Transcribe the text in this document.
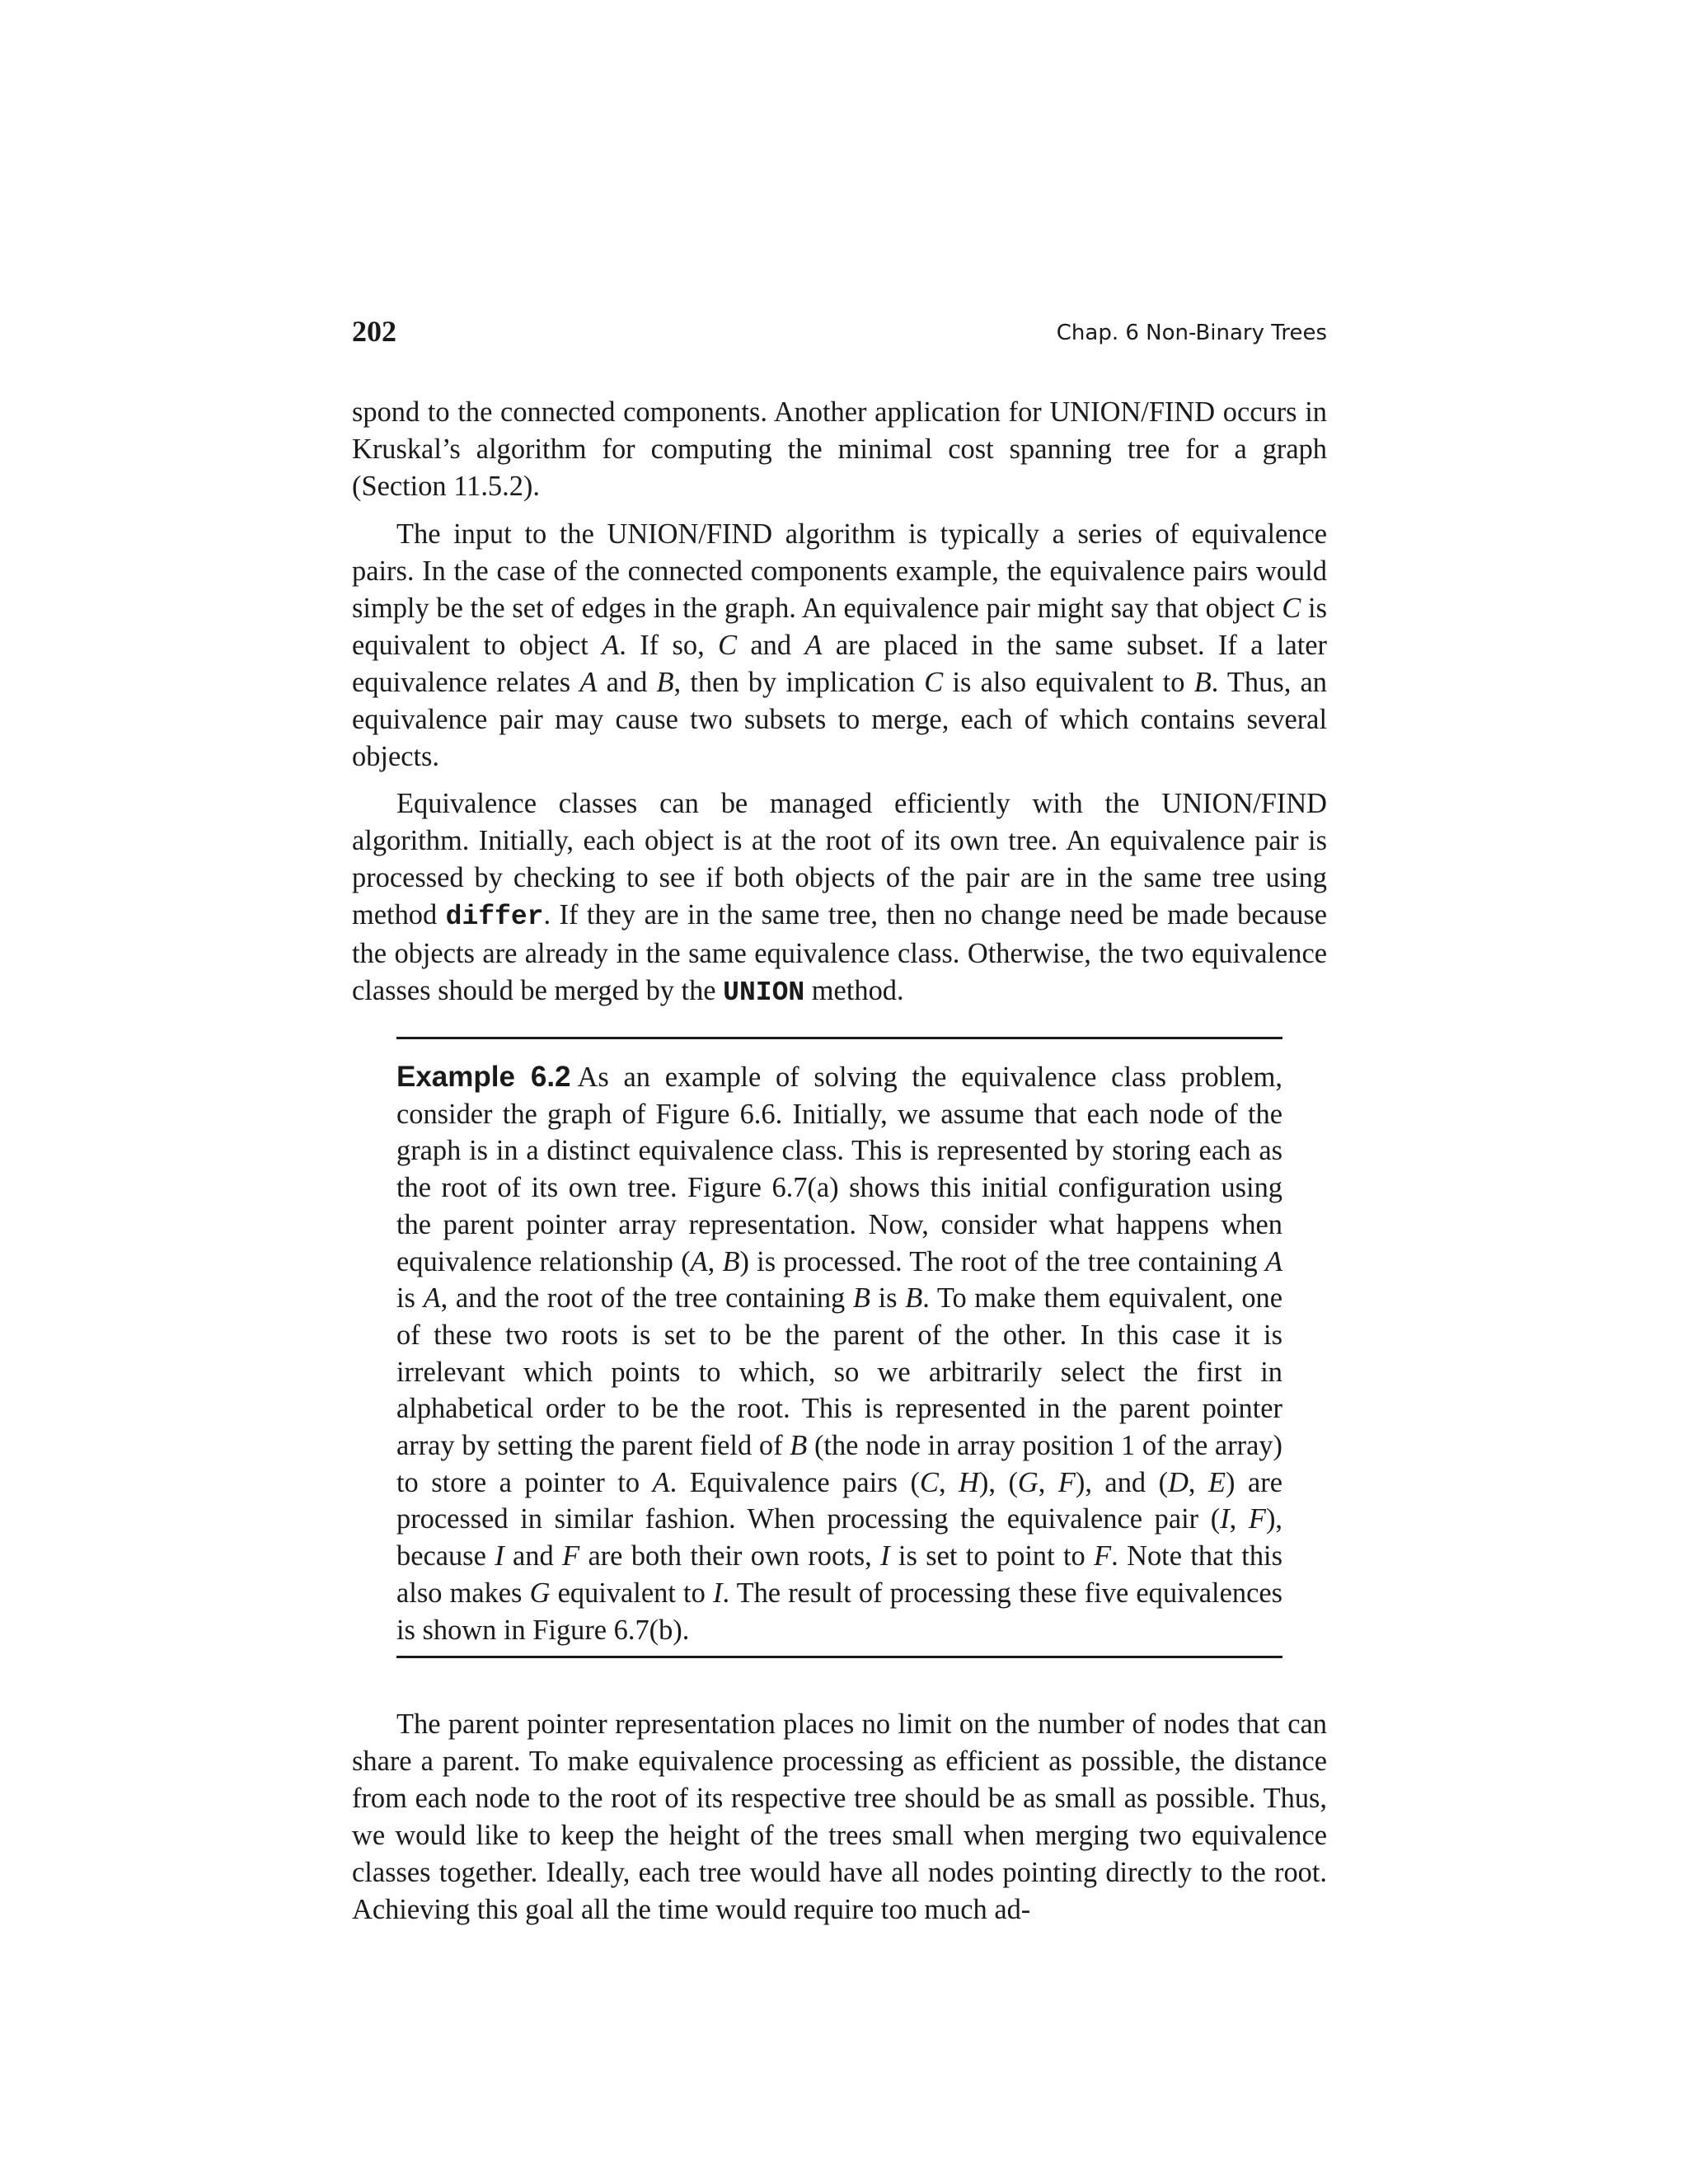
202	Chap. 6 Non-Binary Trees

spond to the connected components. Another application for UNION/FIND occurs in Kruskal’s algorithm for computing the minimal cost spanning tree for a graph (Section 11.5.2).

The input to the UNION/FIND algorithm is typically a series of equivalence pairs. In the case of the connected components example, the equivalence pairs would simply be the set of edges in the graph. An equivalence pair might say that object C is equivalent to object A. If so, C and A are placed in the same subset. If a later equivalence relates A and B, then by implication C is also equivalent to B. Thus, an equivalence pair may cause two subsets to merge, each of which contains several objects.

Equivalence classes can be managed efficiently with the UNION/FIND algorithm. Initially, each object is at the root of its own tree. An equivalence pair is processed by checking to see if both objects of the pair are in the same tree using method differ. If they are in the same tree, then no change need be made because the objects are already in the same equivalence class. Otherwise, the two equivalence classes should be merged by the UNION method.

Example 6.2 As an example of solving the equivalence class problem, consider the graph of Figure 6.6. Initially, we assume that each node of the graph is in a distinct equivalence class. This is represented by storing each as the root of its own tree. Figure 6.7(a) shows this initial configuration using the parent pointer array representation. Now, consider what happens when equivalence relationship (A, B) is processed. The root of the tree containing A is A, and the root of the tree containing B is B. To make them equivalent, one of these two roots is set to be the parent of the other. In this case it is irrelevant which points to which, so we arbitrarily select the first in alphabetical order to be the root. This is represented in the parent pointer array by setting the parent field of B (the node in array position 1 of the array) to store a pointer to A. Equivalence pairs (C, H), (G, F), and (D, E) are processed in similar fashion. When processing the equivalence pair (I, F), because I and F are both their own roots, I is set to point to F. Note that this also makes G equivalent to I. The result of processing these five equivalences is shown in Figure 6.7(b).

The parent pointer representation places no limit on the number of nodes that can share a parent. To make equivalence processing as efficient as possible, the distance from each node to the root of its respective tree should be as small as possible. Thus, we would like to keep the height of the trees small when merging two equivalence classes together. Ideally, each tree would have all nodes pointing directly to the root. Achieving this goal all the time would require too much ad-
